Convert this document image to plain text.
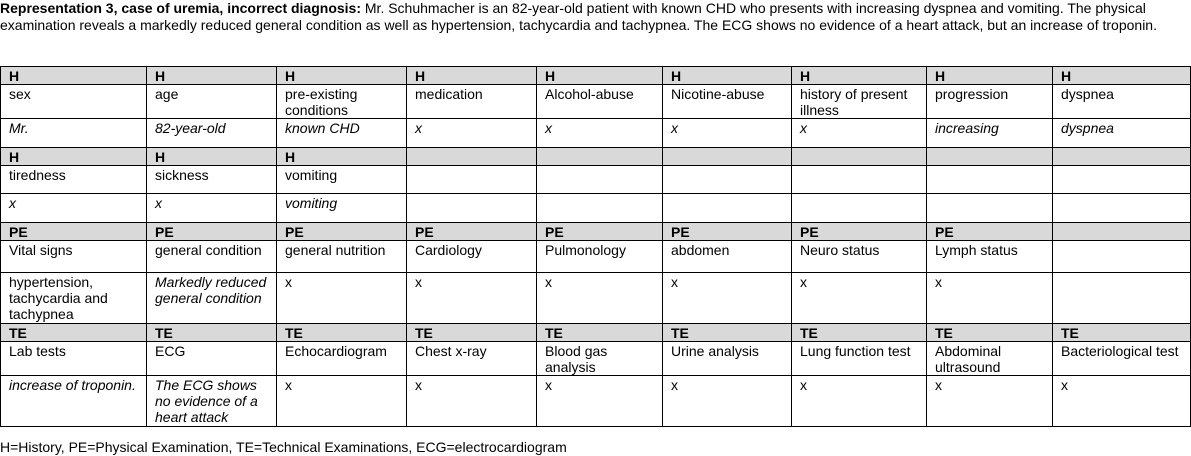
Representation 3, case of uremia, incorrect diagnosis: Mr. Schuhmacher is an 82-year-old patient with known CHD who presents with increasing dyspnea and vomiting. The physical examination reveals a markedly reduced general condition as well as hypertension, tachycardia and tachypnea. The ECG shows no evidence of a heart attack, but an increase of troponin.

H	H	H	H	H	H	H	H	H
sex	age	pre-existing conditions	medication	Alcohol-abuse	Nicotine-abuse	history of present illness	progression	dyspnea
Mr.	82-year-old	known CHD	x	x	x	x	increasing	dyspnea
H	H	H						
tiredness	sickness	vomiting						
x	x	vomiting						
PE	PE	PE	PE	PE	PE	PE	PE	
Vital signs	general condition	general nutrition	Cardiology	Pulmonology	abdomen	Neuro status	Lymph status	
hypertension, tachycardia and tachypnea	Markedly reduced general condition	x	x	x	x	x	x	
TE	TE	TE	TE	TE	TE	TE	TE	TE
Lab tests	ECG	Echocardiogram	Chest x-ray	Blood gas analysis	Urine analysis	Lung function test	Abdominal ultrasound	Bacteriological test
increase of troponin.	The ECG shows no evidence of a heart attack	x	x	x	x	x	x	x

H=History, PE=Physical Examination, TE=Technical Examinations, ECG=electrocardiogram
